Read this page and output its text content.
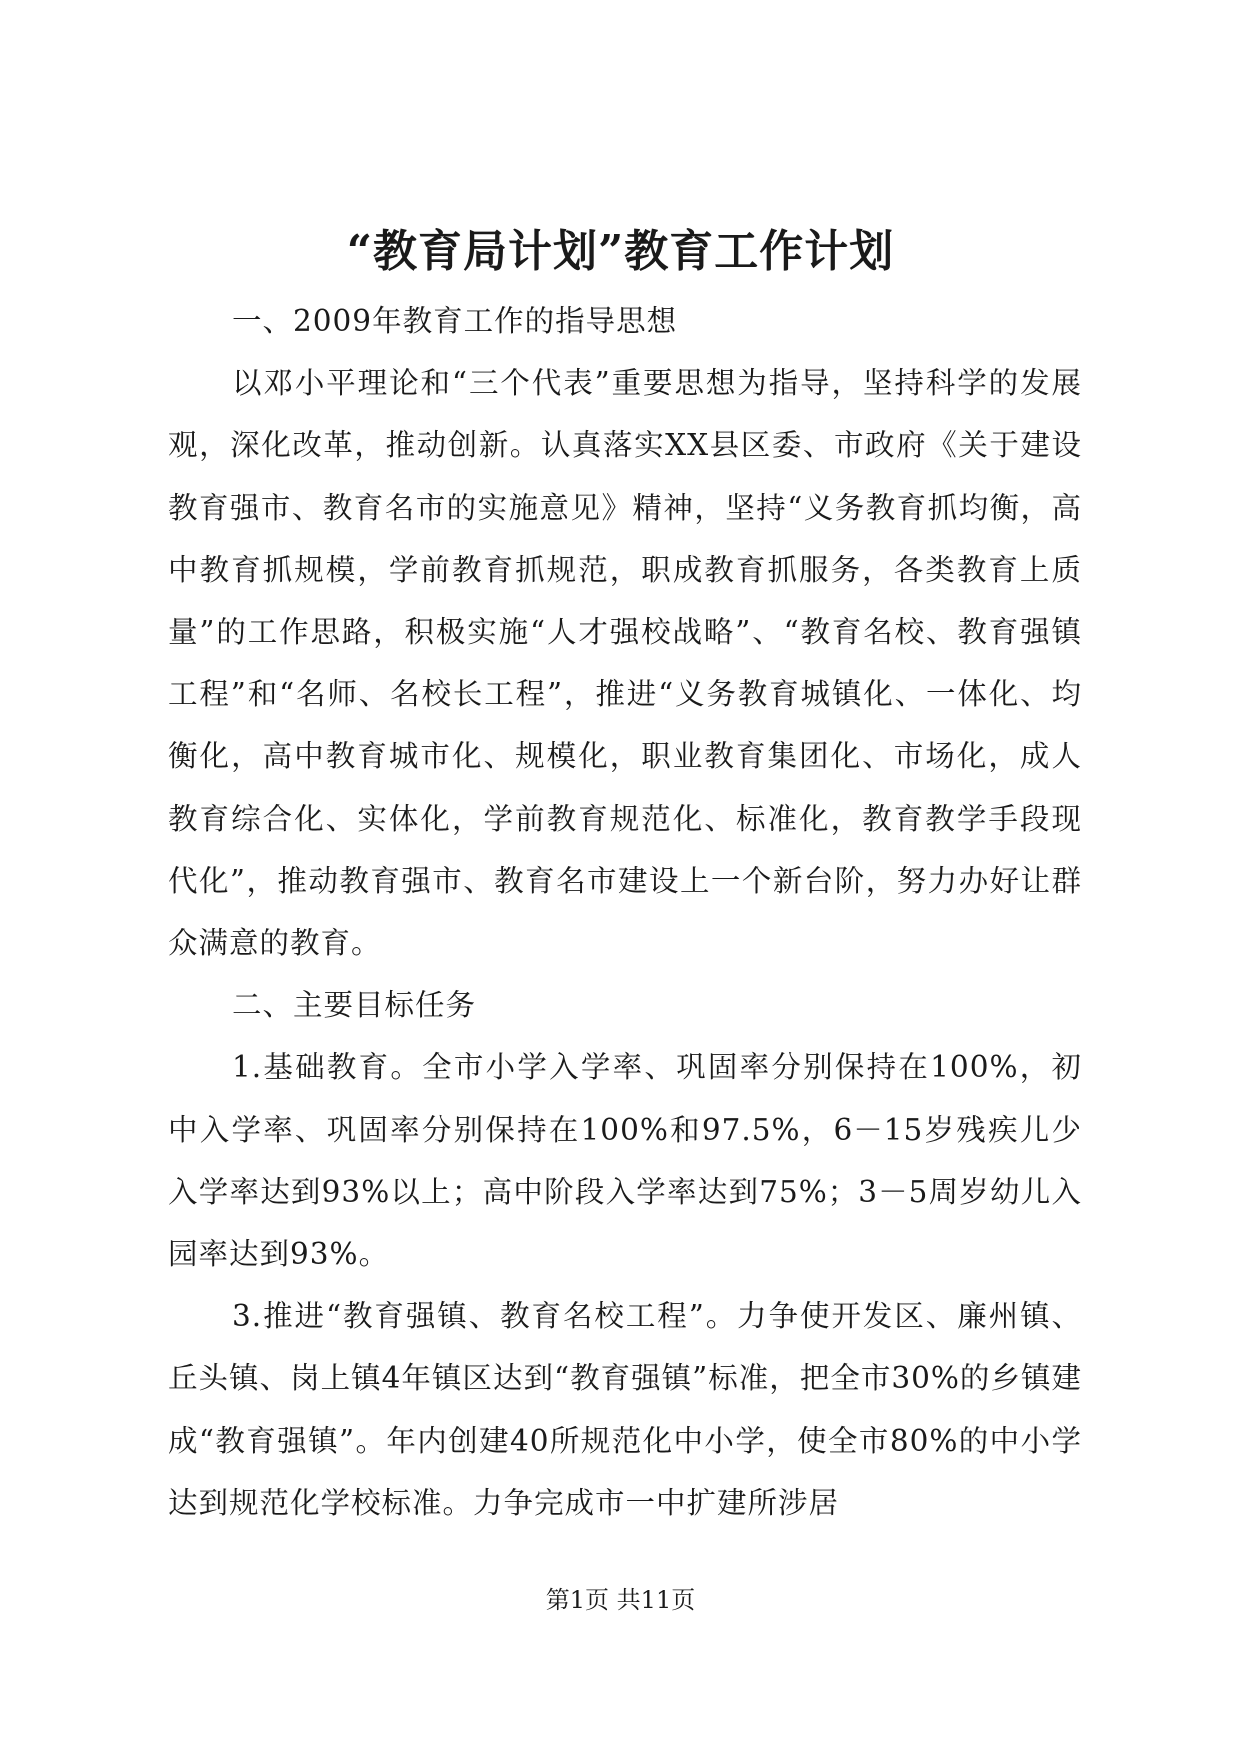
“教育局计划”教育工作计划

一、2009年教育工作的指导思想

以邓小平理论和“三个代表”重要思想为指导，坚持科学的发展观，深化改革，推动创新。认真落实XX县区委、市政府《关于建设教育强市、教育名市的实施意见》精神，坚持“义务教育抓均衡，高中教育抓规模，学前教育抓规范，职成教育抓服务，各类教育上质量”的工作思路，积极实施“人才强校战略”、“教育名校、教育强镇工程”和“名师、名校长工程”，推进“义务教育城镇化、一体化、均衡化，高中教育城市化、规模化，职业教育集团化、市场化，成人教育综合化、实体化，学前教育规范化、标准化，教育教学手段现代化”，推动教育强市、教育名市建设上一个新台阶，努力办好让群众满意的教育。

二、主要目标任务

1.基础教育。全市小学入学率、巩固率分别保持在100%，初中入学率、巩固率分别保持在100%和97.5%，6－15岁残疾儿少入学率达到93%以上；高中阶段入学率达到75%；3－5周岁幼儿入园率达到93%。

3.推进“教育强镇、教育名校工程”。力争使开发区、廉州镇、丘头镇、岗上镇4年镇区达到“教育强镇”标准，把全市30%的乡镇建成“教育强镇”。年内创建40所规范化中小学，使全市80%的中小学达到规范化学校标准。力争完成市一中扩建所涉居

第1页 共11页
